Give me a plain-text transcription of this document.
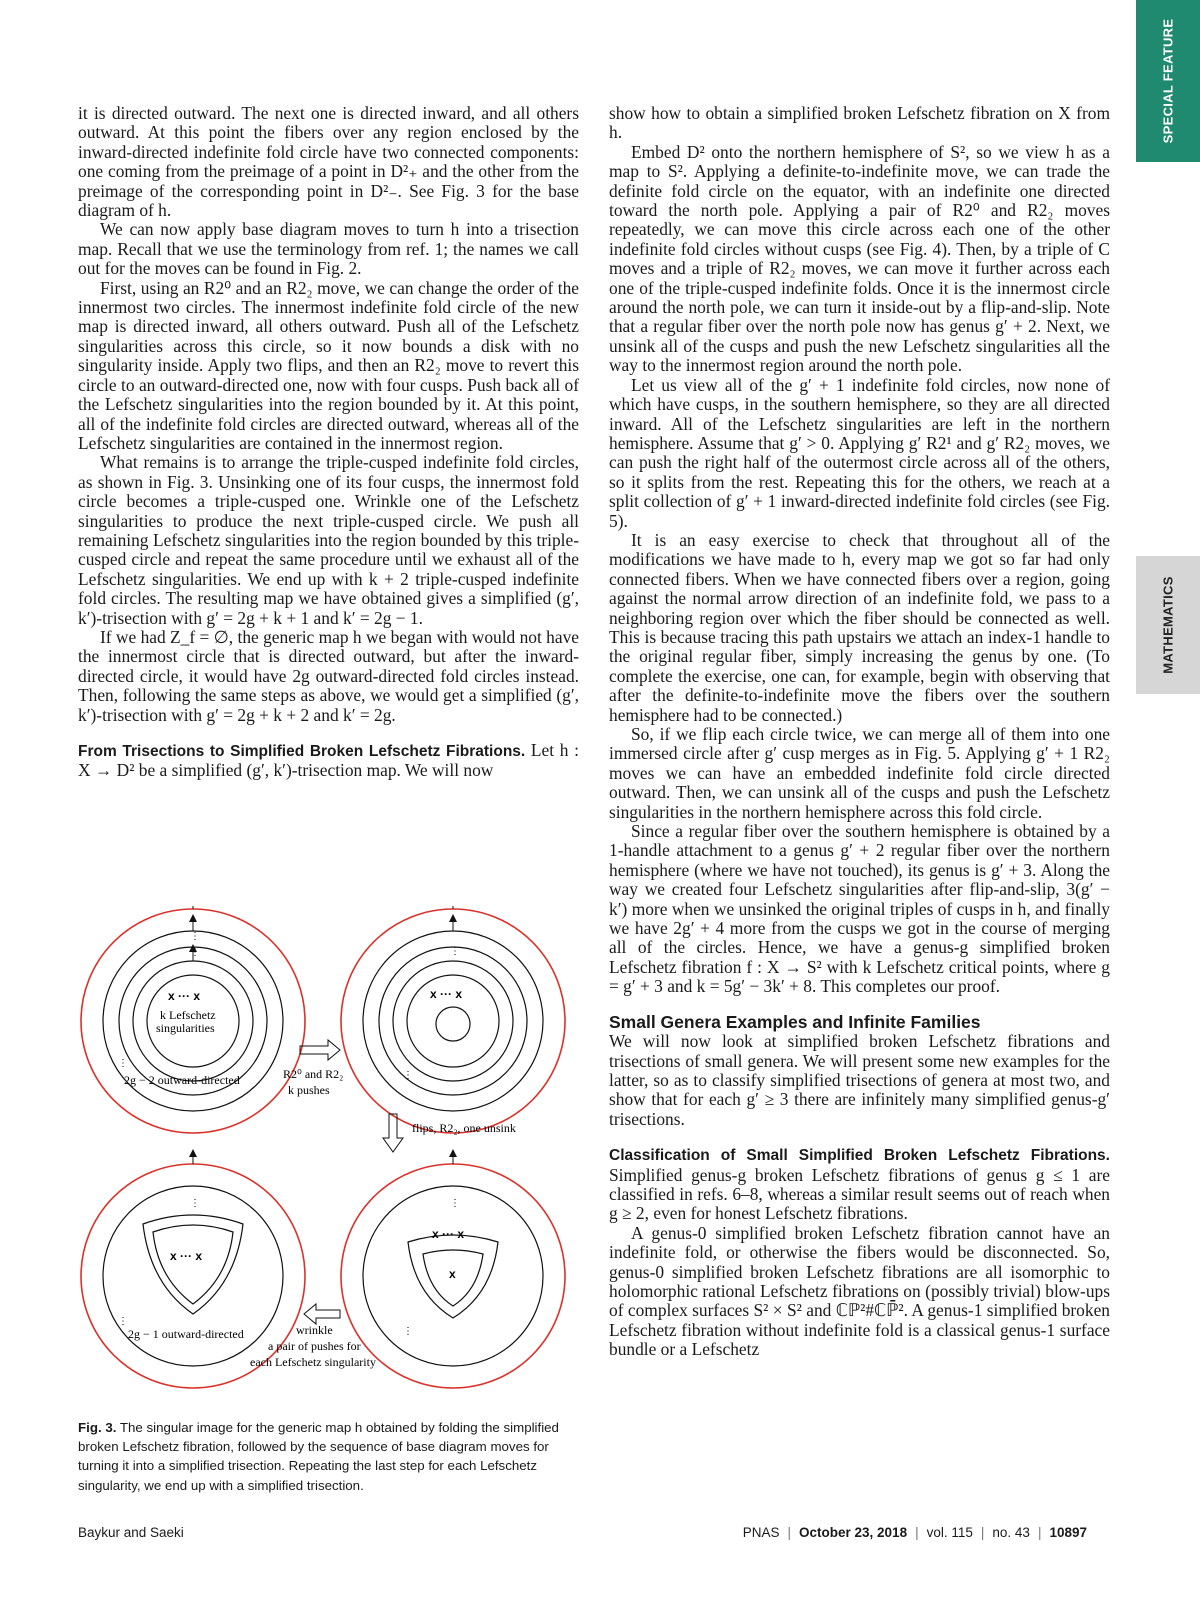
SPECIAL FEATURE
MATHEMATICS

it is directed outward. The next one is directed inward, and all others outward. At this point the fibers over any region enclosed by the inward-directed indefinite fold circle have two connected components: one coming from the preimage of a point in D²₊ and the other from the preimage of the corresponding point in D²₋. See Fig. 3 for the base diagram of h.

We can now apply base diagram moves to turn h into a trisection map. Recall that we use the terminology from ref. 1; the names we call out for the moves can be found in Fig. 2.

First, using an R2⁰ and an R2₂ move, we can change the order of the innermost two circles. The innermost indefinite fold circle of the new map is directed inward, all others outward. Push all of the Lefschetz singularities across this circle, so it now bounds a disk with no singularity inside. Apply two flips, and then an R2₂ move to revert this circle to an outward-directed one, now with four cusps. Push back all of the Lefschetz singularities into the region bounded by it. At this point, all of the indefinite fold circles are directed outward, whereas all of the Lefschetz singularities are contained in the innermost region.

What remains is to arrange the triple-cusped indefinite fold circles, as shown in Fig. 3. Unsinking one of its four cusps, the innermost fold circle becomes a triple-cusped one. Wrinkle one of the Lefschetz singularities to produce the next triple-cusped circle. We push all remaining Lefschetz singularities into the region bounded by this triple-cusped circle and repeat the same procedure until we exhaust all of the Lefschetz singularities. We end up with k + 2 triple-cusped indefinite fold circles. The resulting map we have obtained gives a simplified (g′, k′)-trisection with g′ = 2g + k + 1 and k′ = 2g − 1.

If we had Z_f = ∅, the generic map h we began with would not have the innermost circle that is directed outward, but after the inward-directed circle, it would have 2g outward-directed fold circles instead. Then, following the same steps as above, we would get a simplified (g′, k′)-trisection with g′ = 2g + k + 2 and k′ = 2g.

From Trisections to Simplified Broken Lefschetz Fibrations. Let h : X → D² be a simplified (g′, k′)-trisection map. We will now

⋮
⋮
x ··· x
k Lefschetz
singularities
⋮
2g − 2 outward-directed	R2⁰ and R2₂
k pushes
⋮
x ··· x
⋮
flips, R2₂, one unsink
⋮
x ··· x
⋮
2g − 1 outward-directed	wrinkle
a pair of pushes for
each Lefschetz singularity
⋮
x ··· x
x
⋮
Fig. 3. The singular image for the generic map h obtained by folding the simplified broken Lefschetz fibration, followed by the sequence of base diagram moves for turning it into a simplified trisection. Repeating the last step for each Lefschetz singularity, we end up with a simplified trisection.

show how to obtain a simplified broken Lefschetz fibration on X from h.

Embed D² onto the northern hemisphere of S², so we view h as a map to S². Applying a definite-to-indefinite move, we can trade the definite fold circle on the equator, with an indefinite one directed toward the north pole. Applying a pair of R2⁰ and R2₂ moves repeatedly, we can move this circle across each one of the other indefinite fold circles without cusps (see Fig. 4). Then, by a triple of C moves and a triple of R2₂ moves, we can move it further across each one of the triple-cusped indefinite folds. Once it is the innermost circle around the north pole, we can turn it inside-out by a flip-and-slip. Note that a regular fiber over the north pole now has genus g′ + 2. Next, we unsink all of the cusps and push the new Lefschetz singularities all the way to the innermost region around the north pole.

Let us view all of the g′ + 1 indefinite fold circles, now none of which have cusps, in the southern hemisphere, so they are all directed inward. All of the Lefschetz singularities are left in the northern hemisphere. Assume that g′ > 0. Applying g′ R2¹ and g′ R2₂ moves, we can push the right half of the outermost circle across all of the others, so it splits from the rest. Repeating this for the others, we reach at a split collection of g′ + 1 inward-directed indefinite fold circles (see Fig. 5).

It is an easy exercise to check that throughout all of the modifications we have made to h, every map we got so far had only connected fibers. When we have connected fibers over a region, going against the normal arrow direction of an indefinite fold, we pass to a neighboring region over which the fiber should be connected as well. This is because tracing this path upstairs we attach an index-1 handle to the original regular fiber, simply increasing the genus by one. (To complete the exercise, one can, for example, begin with observing that after the definite-to-indefinite move the fibers over the southern hemisphere had to be connected.)

So, if we flip each circle twice, we can merge all of them into one immersed circle after g′ cusp merges as in Fig. 5. Applying g′ + 1 R2₂ moves we can have an embedded indefinite fold circle directed outward. Then, we can unsink all of the cusps and push the Lefschetz singularities in the northern hemisphere across this fold circle.

Since a regular fiber over the southern hemisphere is obtained by a 1-handle attachment to a genus g′ + 2 regular fiber over the northern hemisphere (where we have not touched), its genus is g′ + 3. Along the way we created four Lefschetz singularities after flip-and-slip, 3(g′ − k′) more when we unsinked the original triples of cusps in h, and finally we have 2g′ + 4 more from the cusps we got in the course of merging all of the circles. Hence, we have a genus-g simplified broken Lefschetz fibration f : X → S² with k Lefschetz critical points, where g = g′ + 3 and k = 5g′ − 3k′ + 8. This completes our proof.

Small Genera Examples and Infinite Families

We will now look at simplified broken Lefschetz fibrations and trisections of small genera. We will present some new examples for the latter, so as to classify simplified trisections of genera at most two, and show that for each g′ ≥ 3 there are infinitely many simplified genus-g′ trisections.

Classification of Small Simplified Broken Lefschetz Fibrations. Simplified genus-g broken Lefschetz fibrations of genus g ≤ 1 are classified in refs. 6–8, whereas a similar result seems out of reach when g ≥ 2, even for honest Lefschetz fibrations.

A genus-0 simplified broken Lefschetz fibration cannot have an indefinite fold, or otherwise the fibers would be disconnected. So, genus-0 simplified broken Lefschetz fibrations are all isomorphic to holomorphic rational Lefschetz fibrations on (possibly trivial) blow-ups of complex surfaces S² × S² and ℂℙ²#ℂℙ̄². A genus-1 simplified broken Lefschetz fibration without indefinite fold is a classical genus-1 surface bundle or a Lefschetz

Baykur and Saeki	PNAS | October 23, 2018 | vol. 115 | no. 43 | 10897
